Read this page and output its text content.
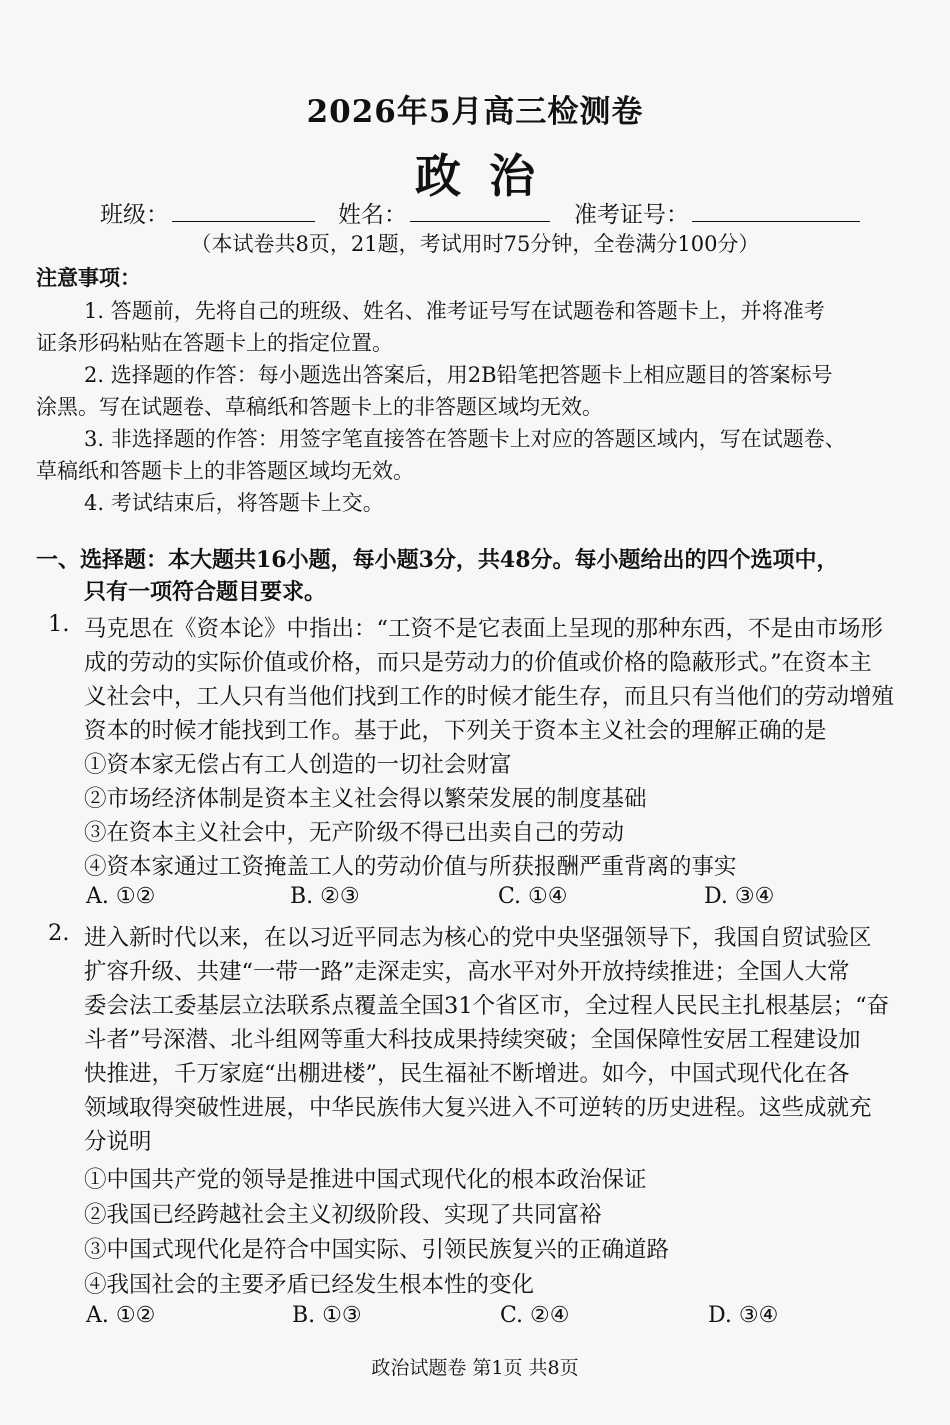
2026年5月高三检测卷
政治
班级：	姓名：	准考证号：
（本试卷共8页，21题，考试用时75分钟，全卷满分100分）
注意事项：
1. 答题前，先将自己的班级、姓名、准考证号写在试题卷和答题卡上，并将准考
证条形码粘贴在答题卡上的指定位置。
2. 选择题的作答：每小题选出答案后，用2B铅笔把答题卡上相应题目的答案标号
涂黑。写在试题卷、草稿纸和答题卡上的非答题区域均无效。
3. 非选择题的作答：用签字笔直接答在答题卡上对应的答题区域内，写在试题卷、
草稿纸和答题卡上的非答题区域均无效。
4. 考试结束后，将答题卡上交。
一、选择题：本大题共16小题，每小题3分，共48分。每小题给出的四个选项中，
只有一项符合题目要求。
1. 马克思在《资本论》中指出：“工资不是它表面上呈现的那种东西，不是由市场形
成的劳动的实际价值或价格，而只是劳动力的价值或价格的隐蔽形式。”在资本主
义社会中，工人只有当他们找到工作的时候才能生存，而且只有当他们的劳动增殖
资本的时候才能找到工作。基于此，下列关于资本主义社会的理解正确的是
①资本家无偿占有工人创造的一切社会财富
②市场经济体制是资本主义社会得以繁荣发展的制度基础
③在资本主义社会中，无产阶级不得已出卖自己的劳动
④资本家通过工资掩盖工人的劳动价值与所获报酬严重背离的事实
A. ①②	B. ②③	C. ①④	D. ③④
2. 进入新时代以来，在以习近平同志为核心的党中央坚强领导下，我国自贸试验区
扩容升级、共建“一带一路”走深走实，高水平对外开放持续推进；全国人大常
委会法工委基层立法联系点覆盖全国31个省区市，全过程人民民主扎根基层；“奋
斗者”号深潜、北斗组网等重大科技成果持续突破；全国保障性安居工程建设加
快推进，千万家庭“出棚进楼”，民生福祉不断增进。如今，中国式现代化在各
领域取得突破性进展，中华民族伟大复兴进入不可逆转的历史进程。这些成就充
分说明
①中国共产党的领导是推进中国式现代化的根本政治保证
②我国已经跨越社会主义初级阶段、实现了共同富裕
③中国式现代化是符合中国实际、引领民族复兴的正确道路
④我国社会的主要矛盾已经发生根本性的变化
A. ①②	B. ①③	C. ②④	D. ③④
政治试题卷 第1页 共8页
